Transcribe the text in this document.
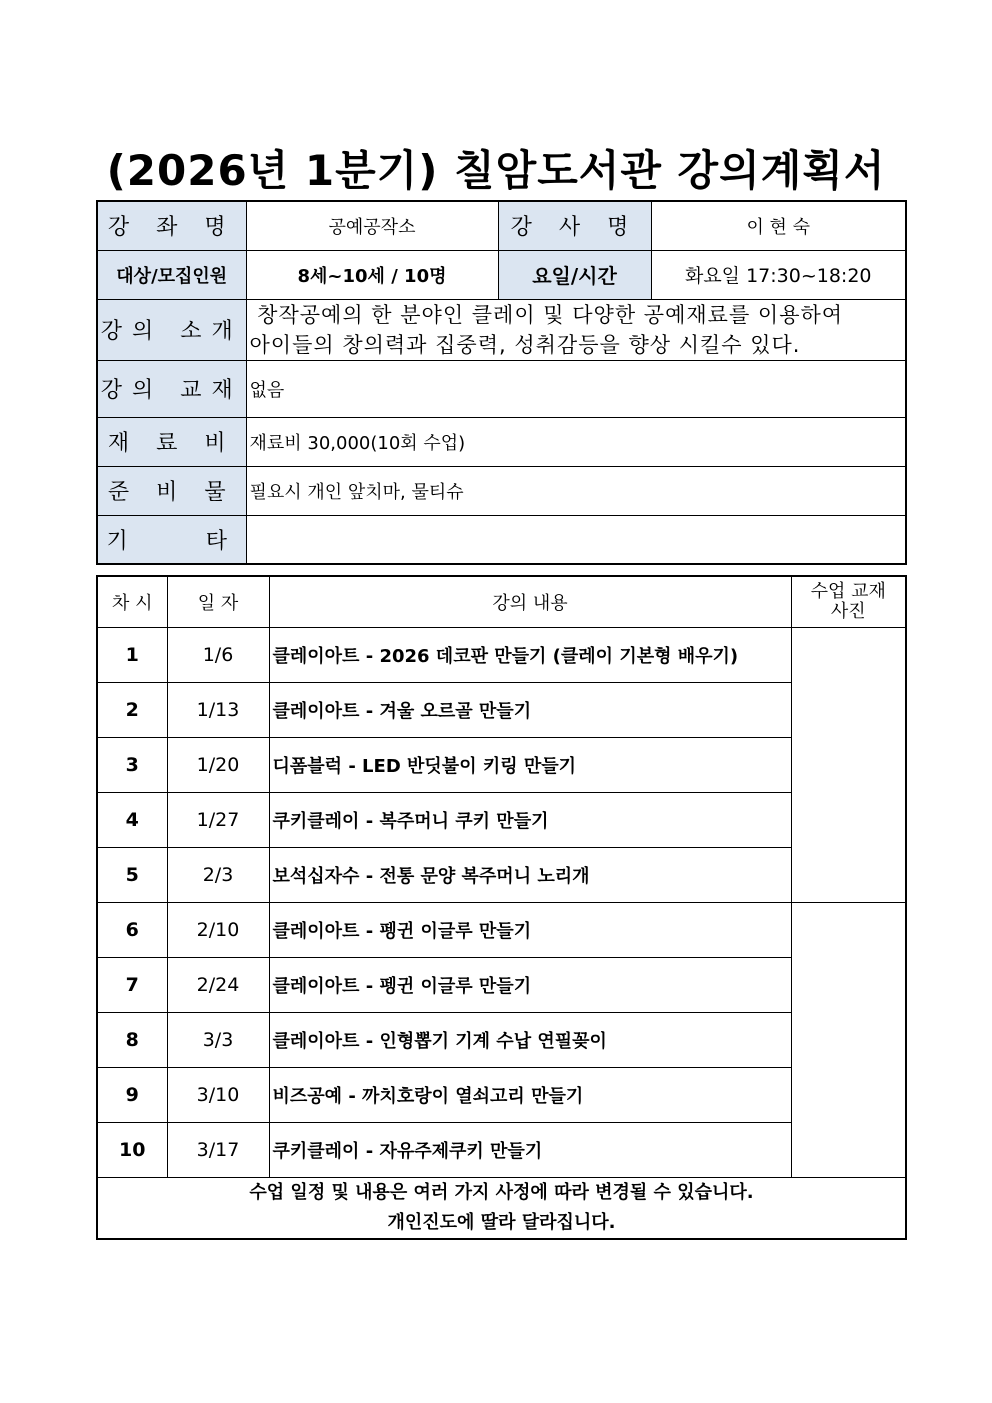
(2026년 1분기) 칠암도서관 강의계획서
강 좌 명	공예공작소	강 사 명	이 현 숙
대상/모집인원	8세~10세 / 10명	요일/시간	화요일 17:30~18:20
강의 소개	창작공예의 한 분야인 클레이 및 다양한 공예재료를 이용하여
아이들의 창의력과 집중력, 성취감등을 향상 시킬수 있다.		

강의 교재	없음		
재 료 비	재료비 30,000(10회 수업)		
준 비 물	필요시 개인 앞치마, 물티슈		
기    타			
차 시	일 자	강의 내용	수업 교재
사진

1	1/6	클레이아트 - 2026 데코판 만들기 (클레이 기본형 배우기)	
2	1/13	클레이아트 - 겨울 오르골 만들기	
3	1/20	디폼블럭 - LED 반딧불이 키링 만들기	
4	1/27	쿠키클레이 - 복주머니 쿠키 만들기	
5	2/3	보석십자수 - 전통 문양 복주머니 노리개	
6	2/10	클레이아트 - 펭귄 이글루 만들기	
7	2/24	클레이아트 - 펭귄 이글루 만들기	
8	3/3	클레이아트 - 인형뽑기 기계 수납 연필꽂이	
9	3/10	비즈공예 - 까치호랑이 열쇠고리 만들기	
10	3/17	쿠키클레이 - 자유주제쿠키 만들기	

수업 일정 및 내용은 여러 가지 사정에 따라 변경될 수 있습니다.
개인진도에 딸라 달라집니다.			
